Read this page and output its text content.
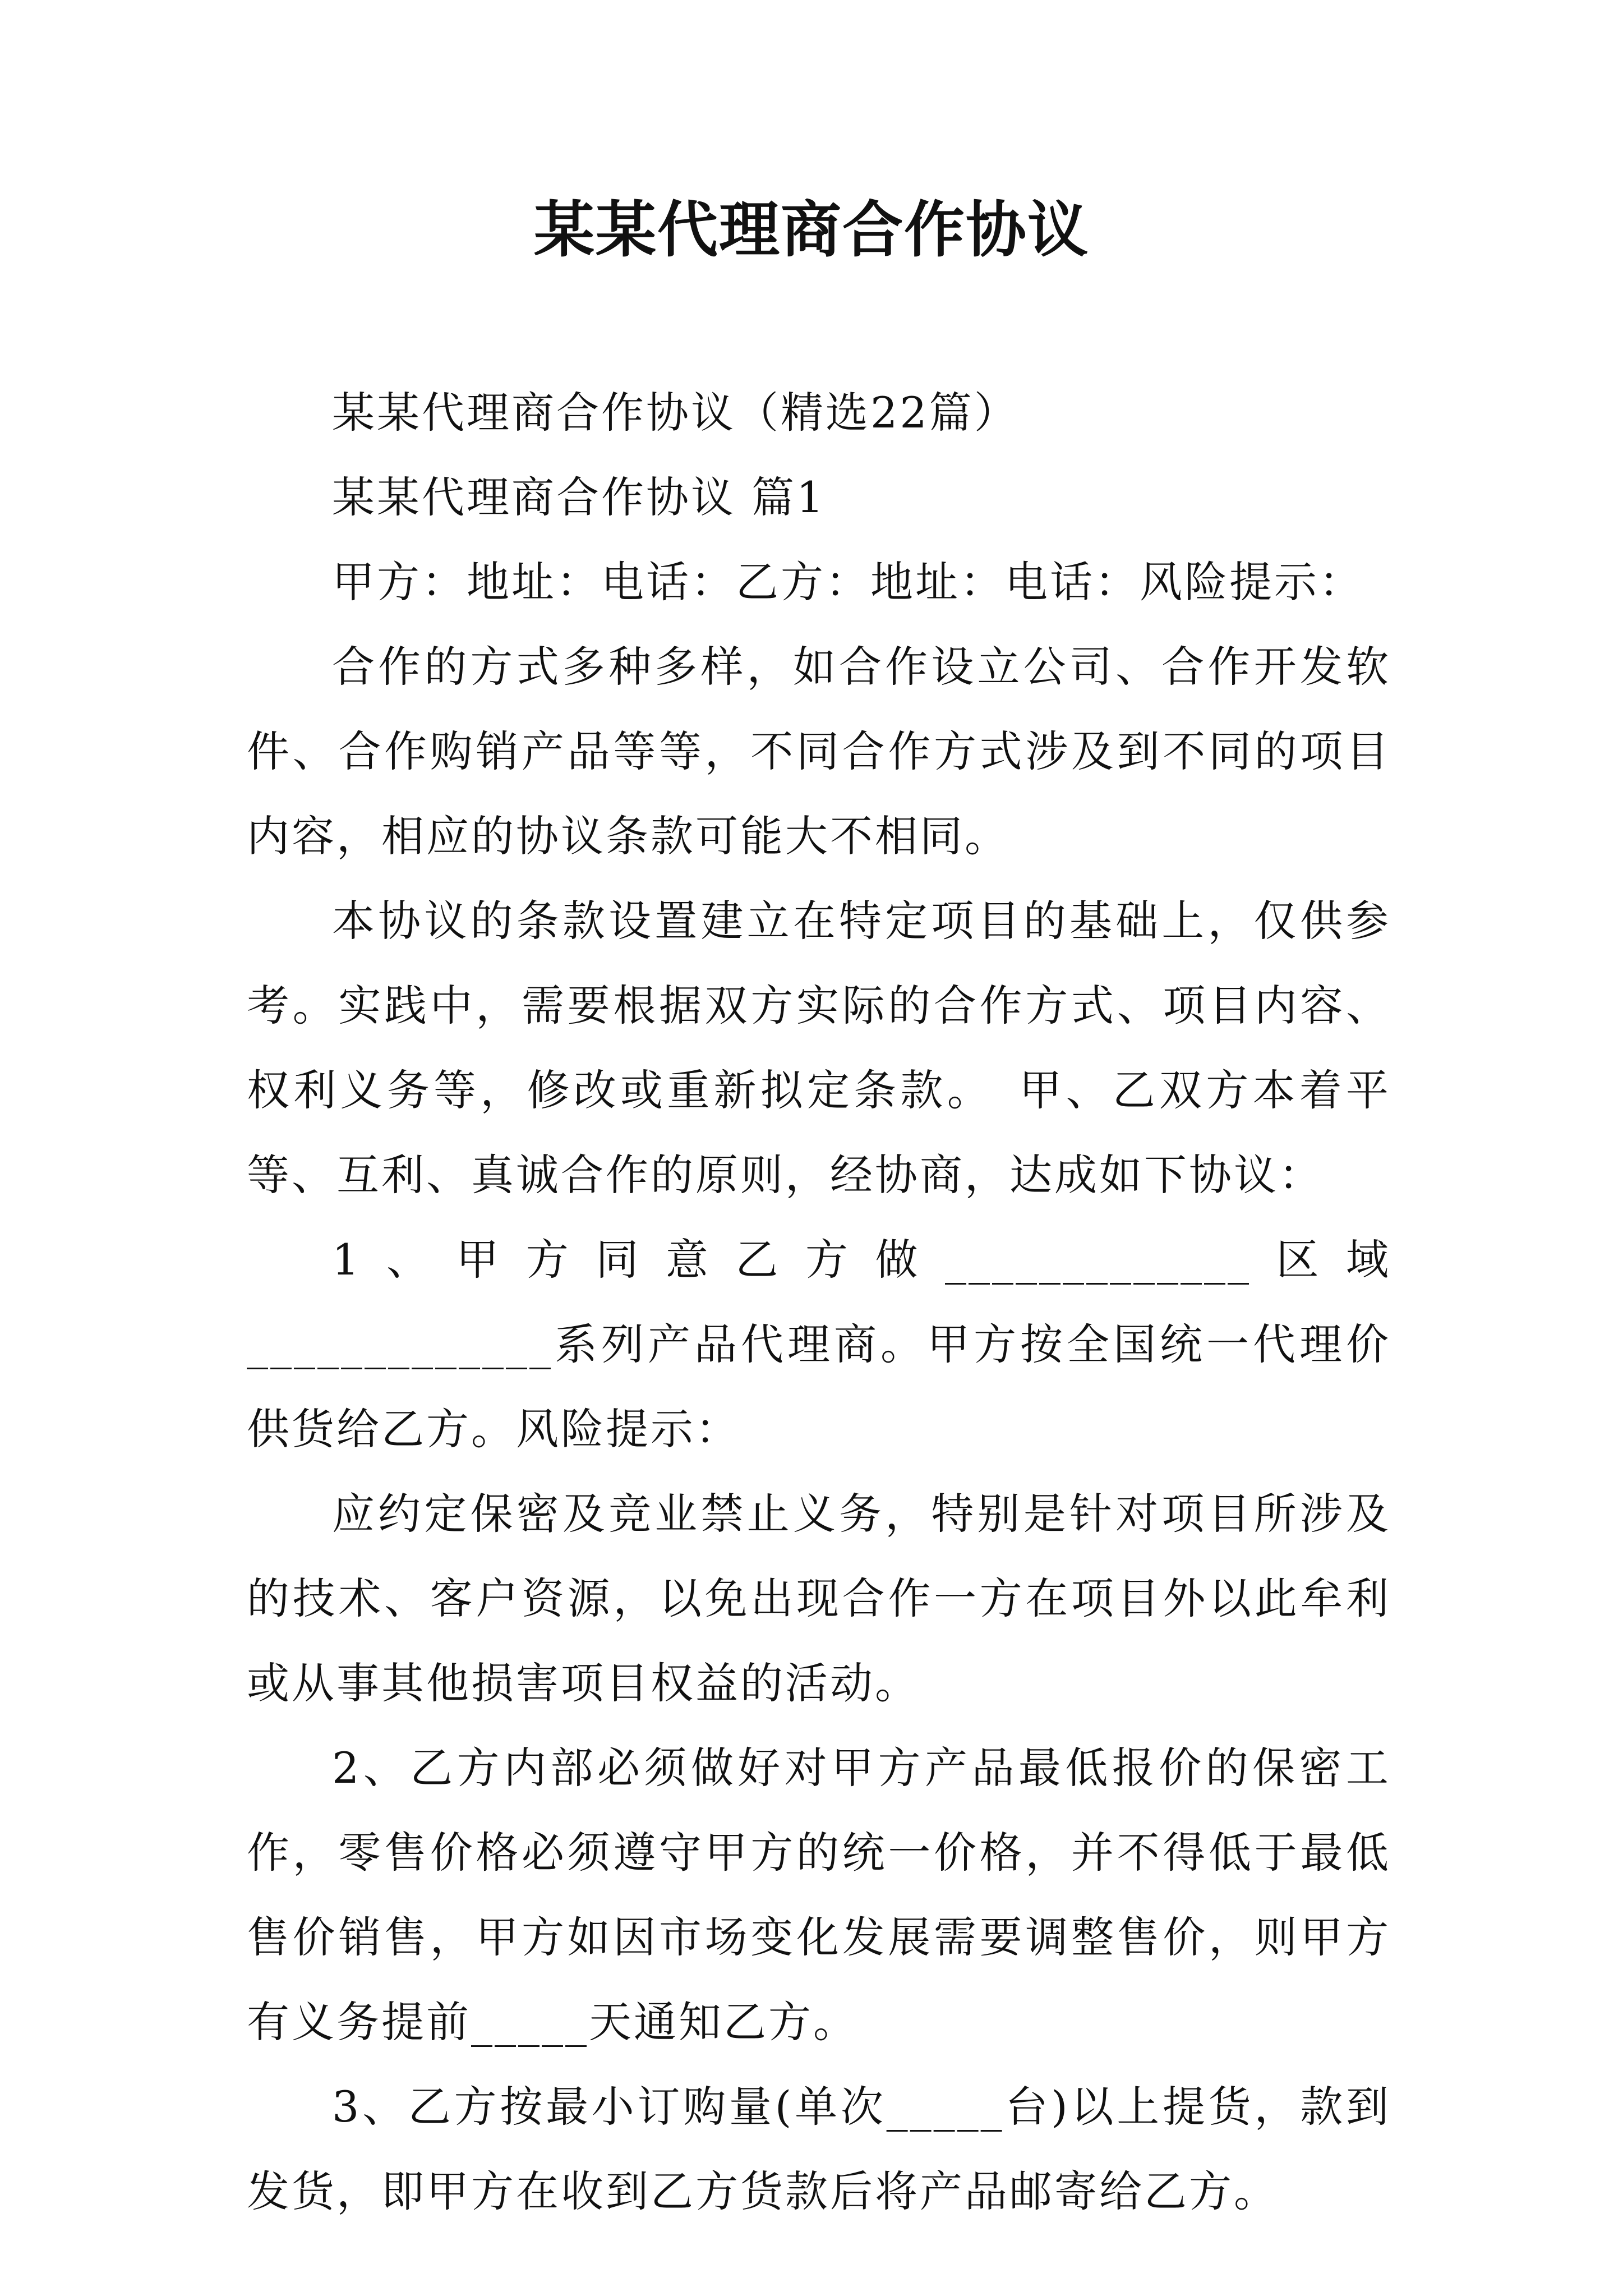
某某代理商合作协议

某某代理商合作协议（精选22篇）

某某代理商合作协议 篇1

甲方：地址：电话：乙方：地址：电话：风险提示：

合作的方式多种多样，如合作设立公司、合作开发软件、合作购销产品等等，不同合作方式涉及到不同的项目内容，相应的协议条款可能大不相同。

本协议的条款设置建立在特定项目的基础上，仅供参考。实践中，需要根据双方实际的合作方式、项目内容、权利义务等，修改或重新拟定条款。　甲、乙双方本着平等、互利、真诚合作的原则，经协商，达成如下协议：

1、甲方同意乙方做_____________区域_____________系列产品代理商。甲方按全国统一代理价供货给乙方。风险提示：

应约定保密及竞业禁止义务，特别是针对项目所涉及的技术、客户资源，以免出现合作一方在项目外以此牟利或从事其他损害项目权益的活动。

2、乙方内部必须做好对甲方产品最低报价的保密工作，零售价格必须遵守甲方的统一价格，并不得低于最低售价销售，甲方如因市场变化发展需要调整售价，则甲方有义务提前_____天通知乙方。

3、乙方按最小订购量(单次_____台)以上提货，款到发货，即甲方在收到乙方货款后将产品邮寄给乙方。
